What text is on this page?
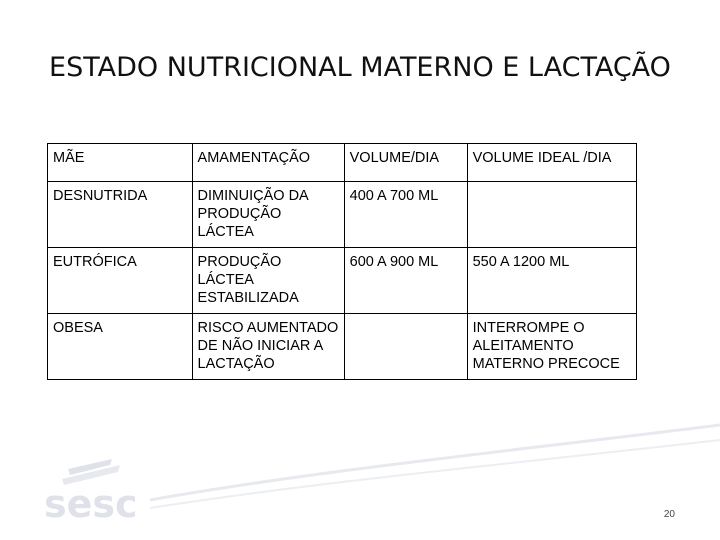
ESTADO NUTRICIONAL MATERNO E LACTAÇÃO
MÃE	AMAMENTAÇÃO	VOLUME/DIA	VOLUME IDEAL /DIA
DESNUTRIDA	DIMINUIÇÃO DA PRODUÇÃO LÁCTEA	400 A 700 ML	
EUTRÓFICA	PRODUÇÃO LÁCTEA ESTABILIZADA	600 A 900 ML	550 A 1200 ML
OBESA	RISCO AUMENTADO DE NÃO INICIAR A LACTAÇÃO		INTERROMPE O ALEITAMENTO MATERNO PRECOCE
sesc	20
